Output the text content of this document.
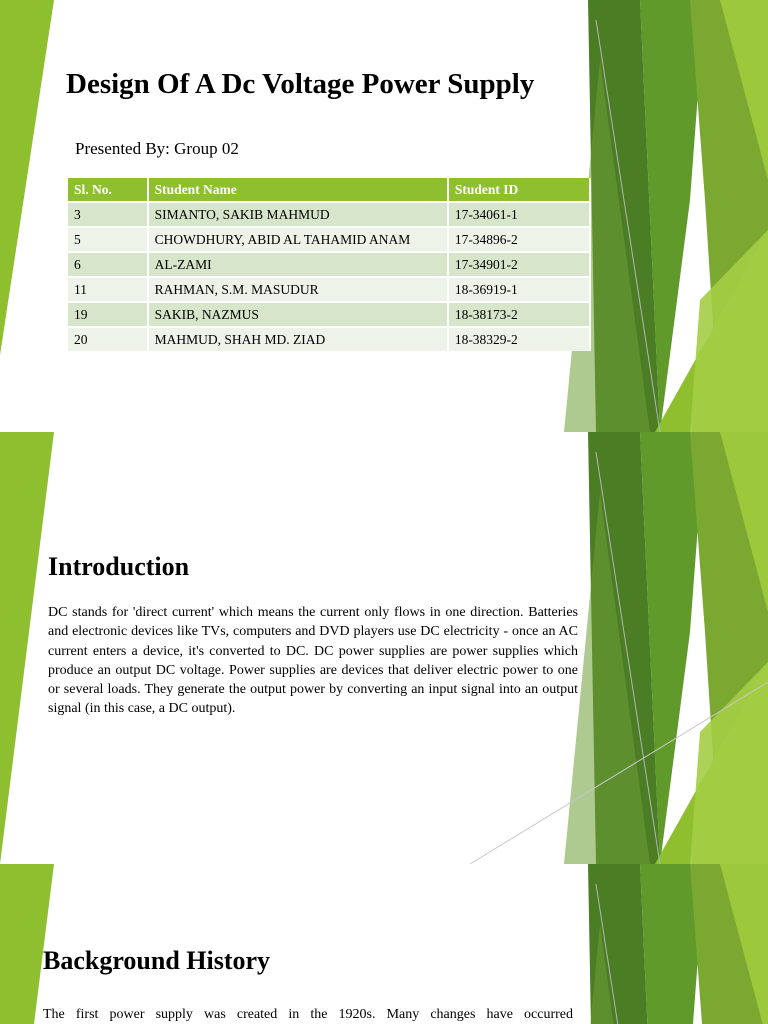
Design Of A Dc Voltage Power Supply
Presented By: Group 02
Sl. No.	Student Name	Student ID
3	SIMANTO, SAKIB MAHMUD	17-34061-1
5	CHOWDHURY, ABID AL TAHAMID ANAM	17-34896-2
6	AL-ZAMI	17-34901-2
11	RAHMAN, S.M. MASUDUR	18-36919-1
19	SAKIB, NAZMUS	18-38173-2
20	MAHMUD, SHAH MD. ZIAD	18-38329-2
Introduction
DC stands for 'direct current' which means the current only flows in one direction. Batteries and electronic devices like TVs, computers and DVD players use DC electricity - once an AC current enters a device, it's converted to DC. DC power supplies are power supplies which produce an output DC voltage. Power supplies are devices that deliver electric power to one or several loads. They generate the output power by converting an input signal into an output signal (in this case, a DC output).
Background History
The first power supply was created in the 1920s. Many changes have occurred
